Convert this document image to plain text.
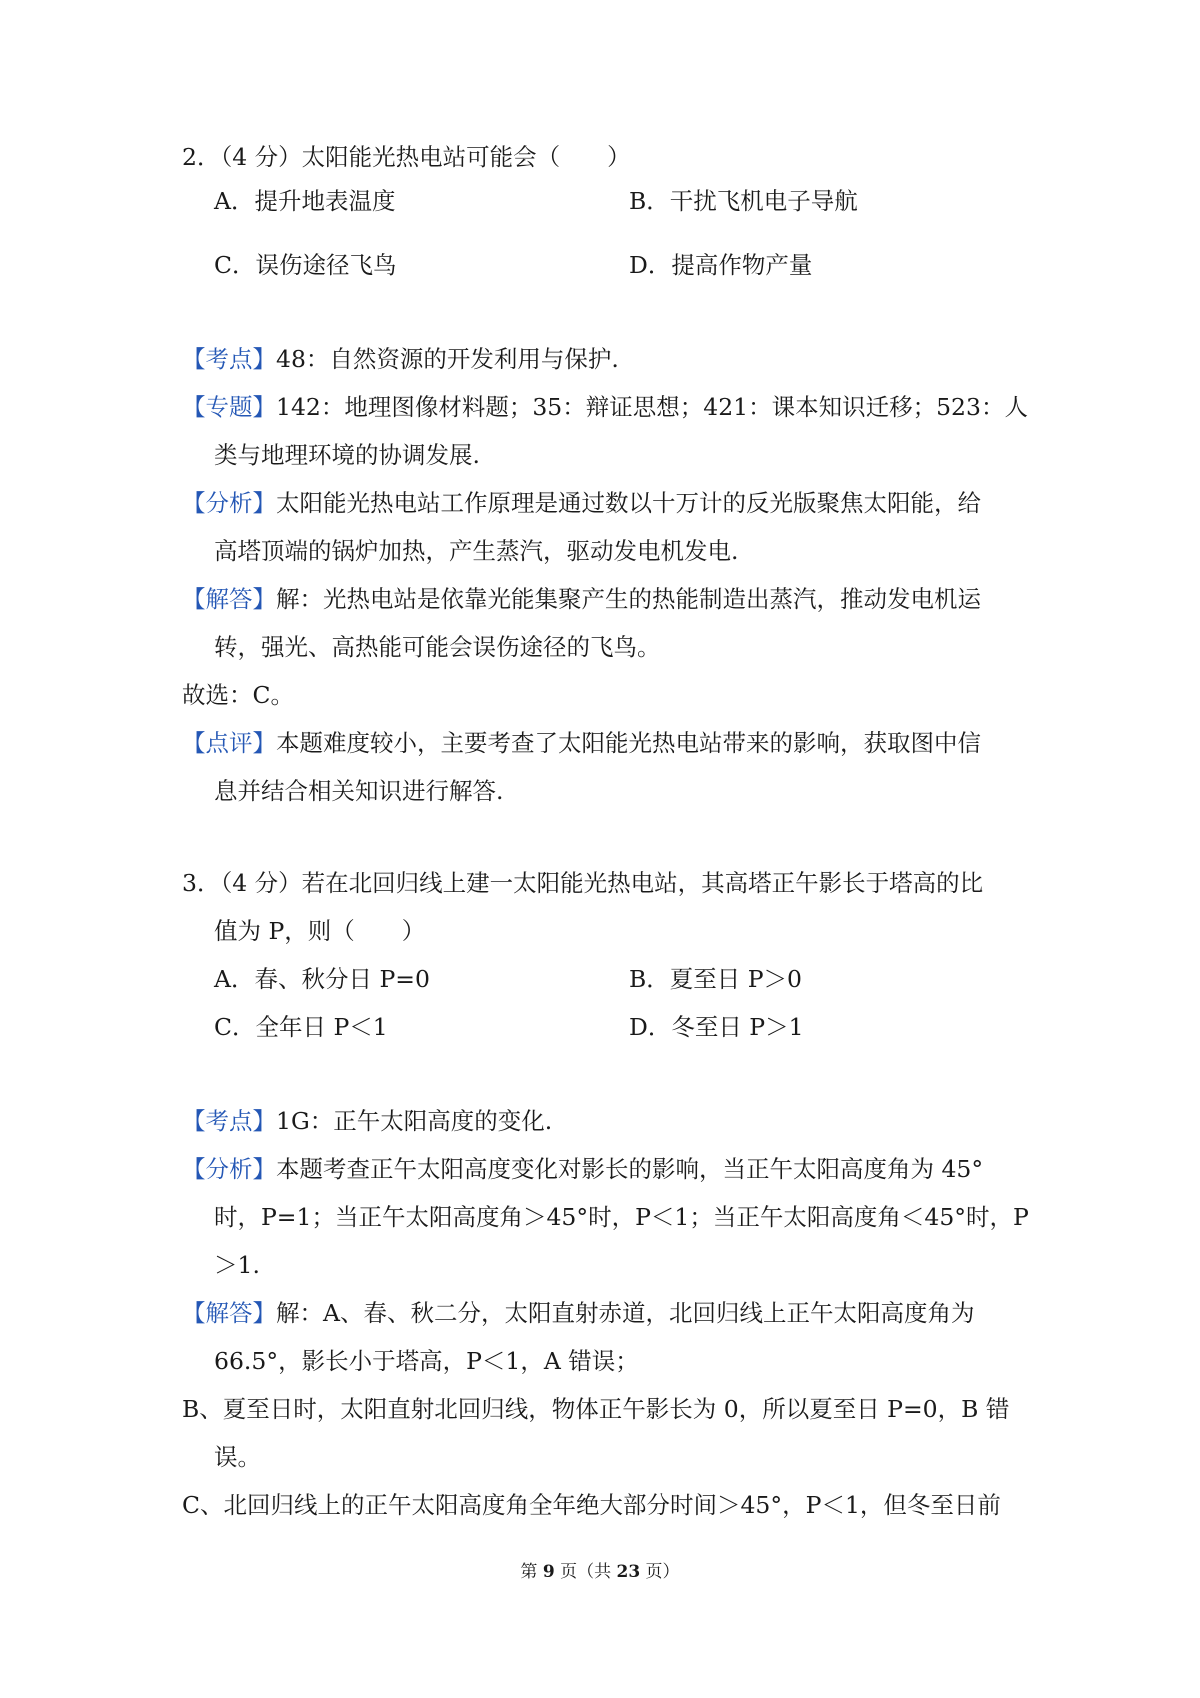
2．（4 分）太阳能光热电站可能会（　　）
A．提升地表温度	B．干扰飞机电子导航
C．误伤途径飞鸟	D．提高作物产量
【考点】48：自然资源的开发利用与保护.
【专题】142：地理图像材料题；35：辩证思想；421：课本知识迁移；523：人
类与地理环境的协调发展.
【分析】太阳能光热电站工作原理是通过数以十万计的反光版聚焦太阳能，给
高塔顶端的锅炉加热，产生蒸汽，驱动发电机发电.
【解答】解：光热电站是依靠光能集聚产生的热能制造出蒸汽，推动发电机运
转，强光、高热能可能会误伤途径的飞鸟。
故选：C。
【点评】本题难度较小，主要考查了太阳能光热电站带来的影响，获取图中信
息并结合相关知识进行解答.
3．（4 分）若在北回归线上建一太阳能光热电站，其高塔正午影长于塔高的比
值为 P，则（　　）
A．春、秋分日 P=0	B．夏至日 P＞0
C．全年日 P＜1	D．冬至日 P＞1
【考点】1G：正午太阳高度的变化.
【分析】本题考查正午太阳高度变化对影长的影响，当正午太阳高度角为 45°
时，P=1；当正午太阳高度角＞45°时，P＜1；当正午太阳高度角＜45°时，P
＞1.
【解答】解：A、春、秋二分，太阳直射赤道，北回归线上正午太阳高度角为
66.5°，影长小于塔高，P＜1，A 错误；
B、夏至日时，太阳直射北回归线，物体正午影长为 0，所以夏至日 P=0，B 错
误。
C、北回归线上的正午太阳高度角全年绝大部分时间＞45°，P＜1，但冬至日前
第 9 页（共 23 页）
